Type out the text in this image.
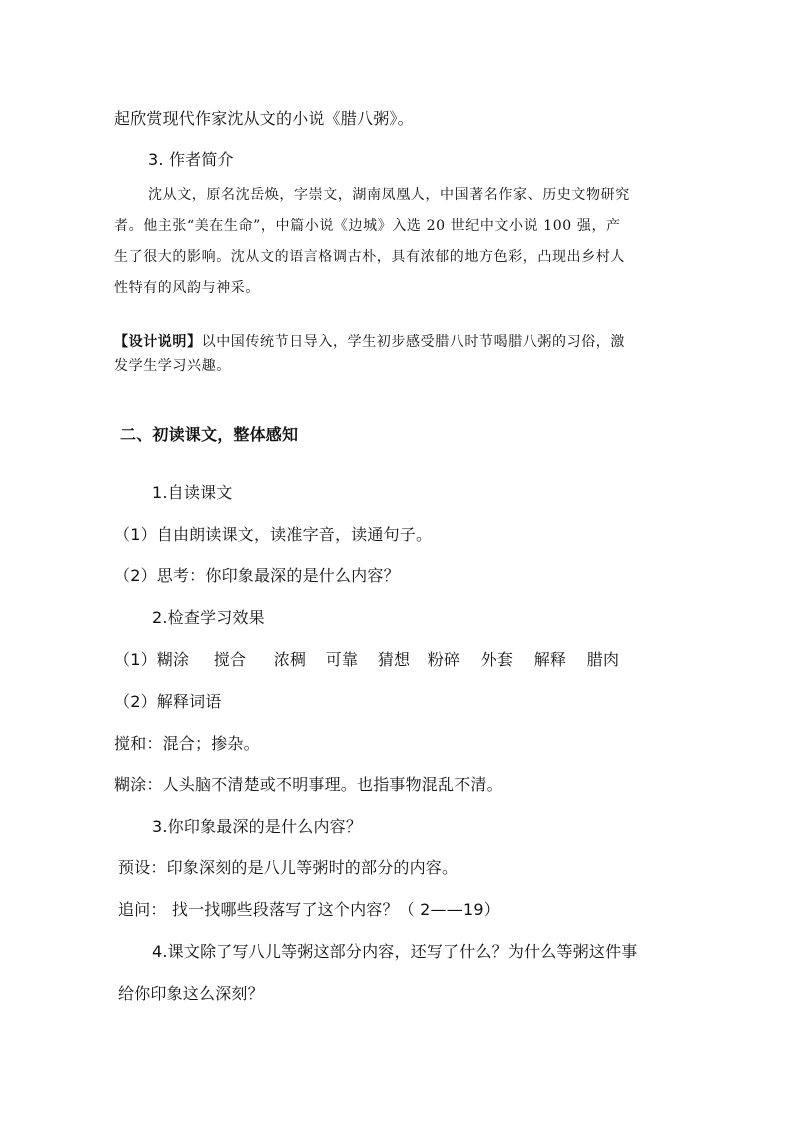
起欣赏现代作家沈从文的小说《腊八粥》。
3. 作者简介
沈从文，原名沈岳焕，字崇文，湖南凤凰人，中国著名作家、历史文物研究
者。他主张“美在生命”，中篇小说《边城》入选 20 世纪中文小说 100 强，产
生了很大的影响。沈从文的语言格调古朴，具有浓郁的地方色彩，凸现出乡村人
性特有的风韵与神采。
【设计说明】以中国传统节日导入，学生初步感受腊八时节喝腊八粥的习俗，激
发学生学习兴趣。
二、初读课文，整体感知
1.自读课文
（1）自由朗读课文，读准字音，读通句子。
（2）思考：你印象最深的是什么内容？
2.检查学习效果
（1）糊涂 搅合 浓稠 可靠 猜想 粉碎 外套 解释 腊肉
（2）解释词语
搅和：混合；掺杂。
糊涂：人头脑不清楚或不明事理。也指事物混乱不清。
3.你印象最深的是什么内容？
预设：印象深刻的是八儿等粥时的部分的内容。
追问： 找一找哪些段落写了这个内容？（ 2——19）
4.课文除了写八儿等粥这部分内容，还写了什么？为什么等粥这件事
给你印象这么深刻？
